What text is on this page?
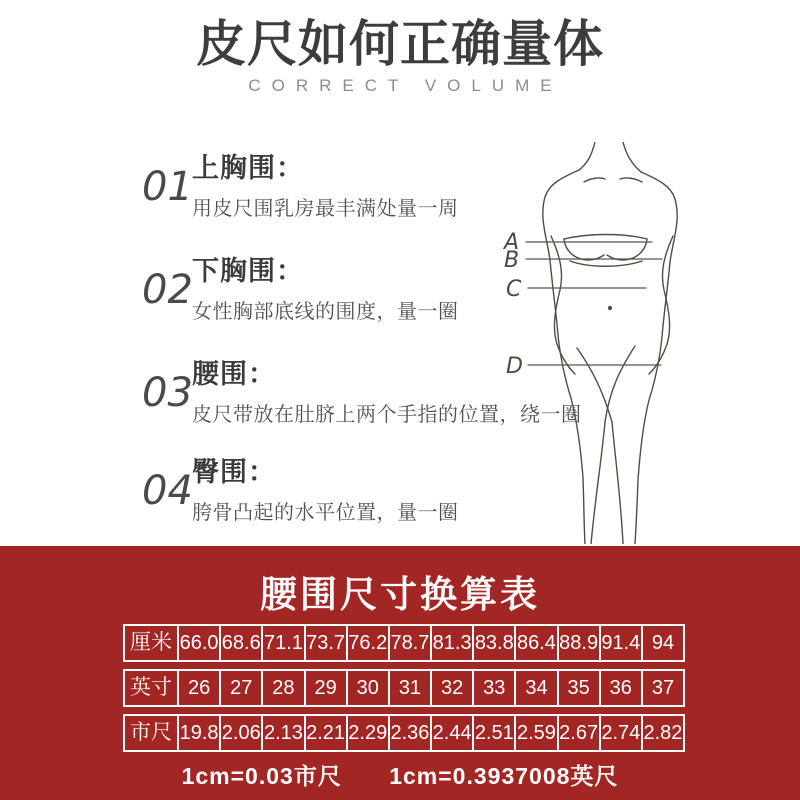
皮尺如何正确量体
CORRECT VOLUME
01 上胸围：
用皮尺围乳房最丰满处量一周
02 下胸围：
女性胸部底线的围度，量一圈
03 腰围：
皮尺带放在肚脐上两个手指的位置，绕一圈
04 臀围：
胯骨凸起的水平位置，量一圈
A
B
C
D
腰围尺寸换算表
厘米 66.0 68.6 71.1 73.7 76.2 78.7 81.3 83.8 86.4 88.9 91.4 94
英寸 26 27 28 29 30 31 32 33 34 35 36 37
市尺 19.8 2.06 2.13 2.21 2.29 2.36 2.44 2.51 2.59 2.67 2.74 2.82
1cm=0.03市尺 1cm=0.3937008英尺
